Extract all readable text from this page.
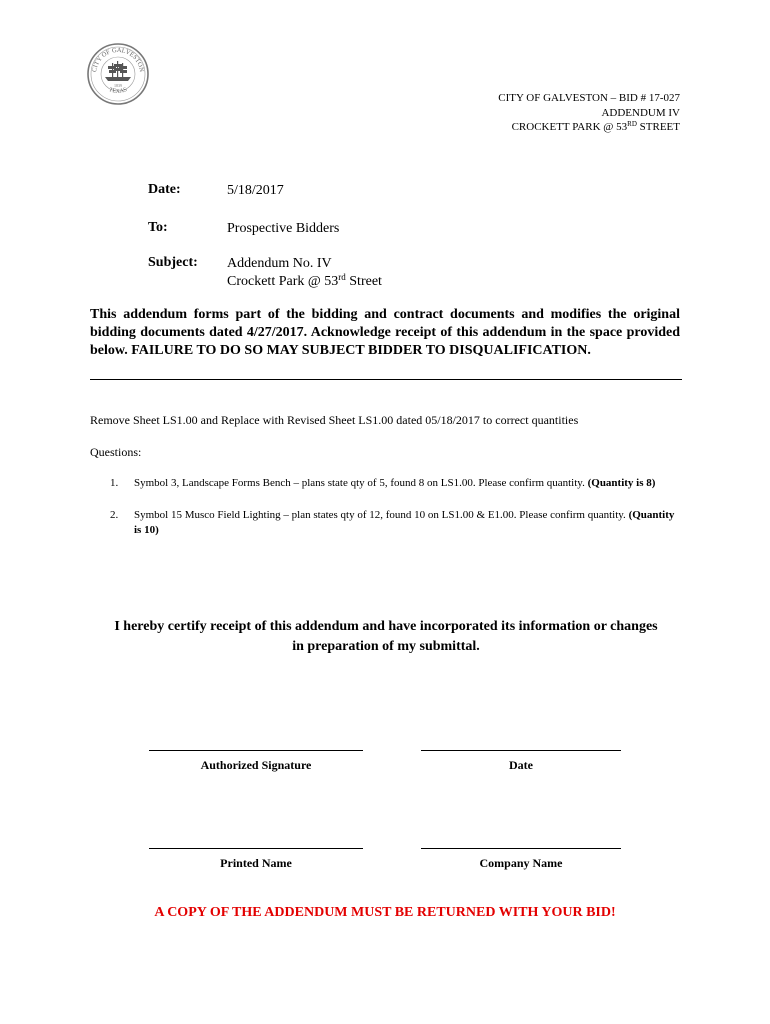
CITY OF GALVESTON
TEXAS
1839
CITY OF GALVESTON – BID # 17-027
ADDENDUM IV
CROCKETT PARK @ 53RD STREET
Date:	5/18/2017
To:	Prospective Bidders
Subject: Addendum No. IV
Crockett Park @ 53rd Street
This addendum forms part of the bidding and contract documents and modifies the original bidding documents dated 4/27/2017. Acknowledge receipt of this addendum in the space provided below. FAILURE TO DO SO MAY SUBJECT BIDDER TO DISQUALIFICATION.
Remove Sheet LS1.00 and Replace with Revised Sheet LS1.00 dated 05/18/2017 to correct quantities
Questions:
1.	Symbol 3, Landscape Forms Bench – plans state qty of 5, found 8 on LS1.00. Please confirm quantity. (Quantity is 8)
2.	Symbol 15 Musco Field Lighting – plan states qty of 12, found 10 on LS1.00 & E1.00. Please confirm quantity. (Quantity is 10)
I hereby certify receipt of this addendum and have incorporated its information or changes
in preparation of my submittal.
Authorized Signature	Date
Printed Name	Company Name
A COPY OF THE ADDENDUM MUST BE RETURNED WITH YOUR BID!
